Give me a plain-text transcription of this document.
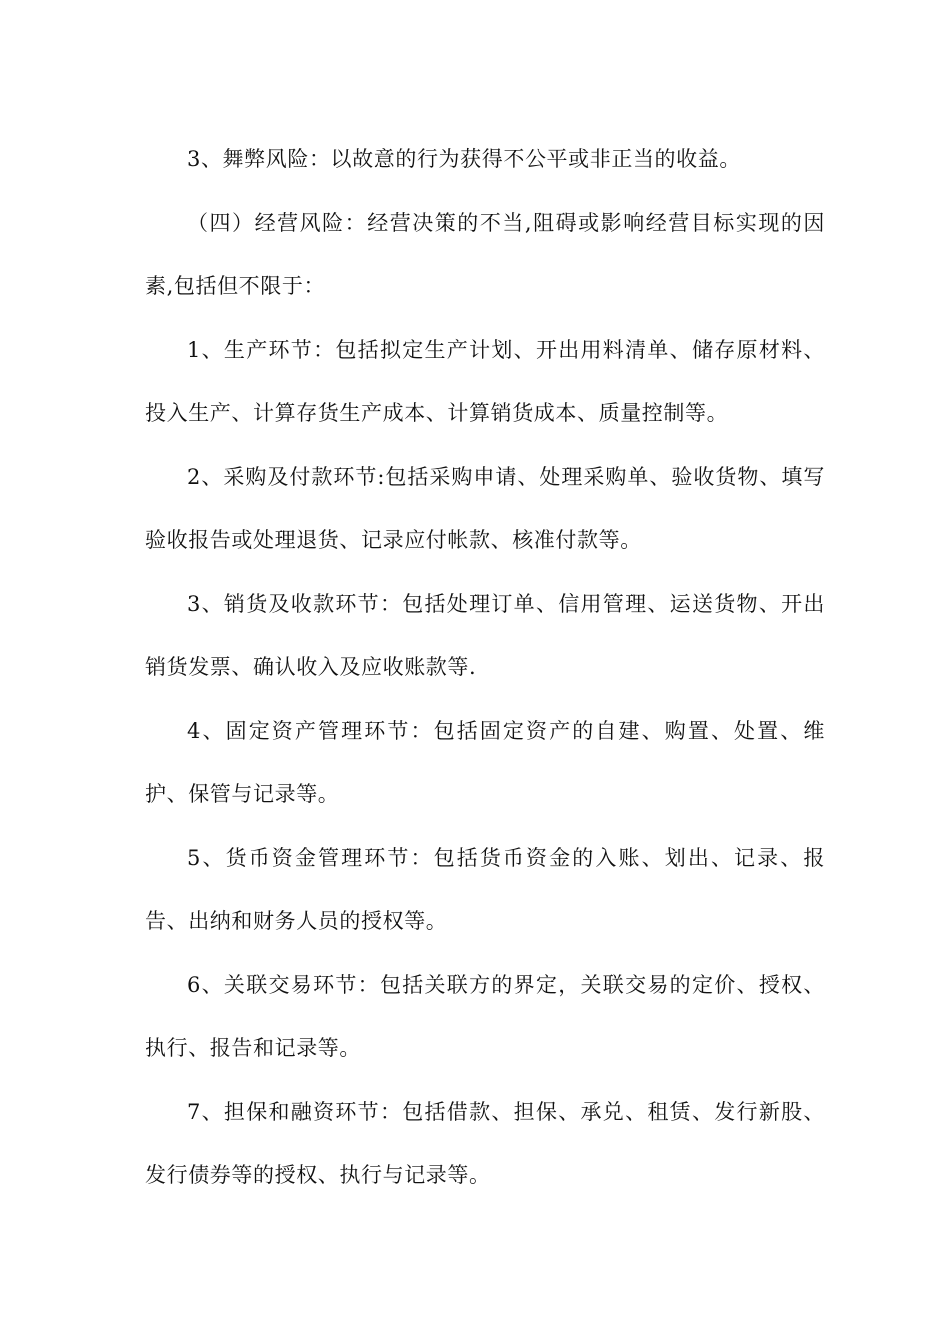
3、舞弊风险：以故意的行为获得不公平或非正当的收益。

（四）经营风险：经营决策的不当,阻碍或影响经营目标实现的因素,包括但不限于：

1、生产环节：包括拟定生产计划、开出用料清单、储存原材料、投入生产、计算存货生产成本、计算销货成本、质量控制等。

2、采购及付款环节:包括采购申请、处理采购单、验收货物、填写验收报告或处理退货、记录应付帐款、核准付款等。

3、销货及收款环节：包括处理订单、信用管理、运送货物、开出销货发票、确认收入及应收账款等.

4、固定资产管理环节：包括固定资产的自建、购置、处置、维护、保管与记录等。

5、货币资金管理环节：包括货币资金的入账、划出、记录、报告、出纳和财务人员的授权等。

6、关联交易环节：包括关联方的界定，关联交易的定价、授权、执行、报告和记录等。

7、担保和融资环节：包括借款、担保、承兑、租赁、发行新股、发行债券等的授权、执行与记录等。
